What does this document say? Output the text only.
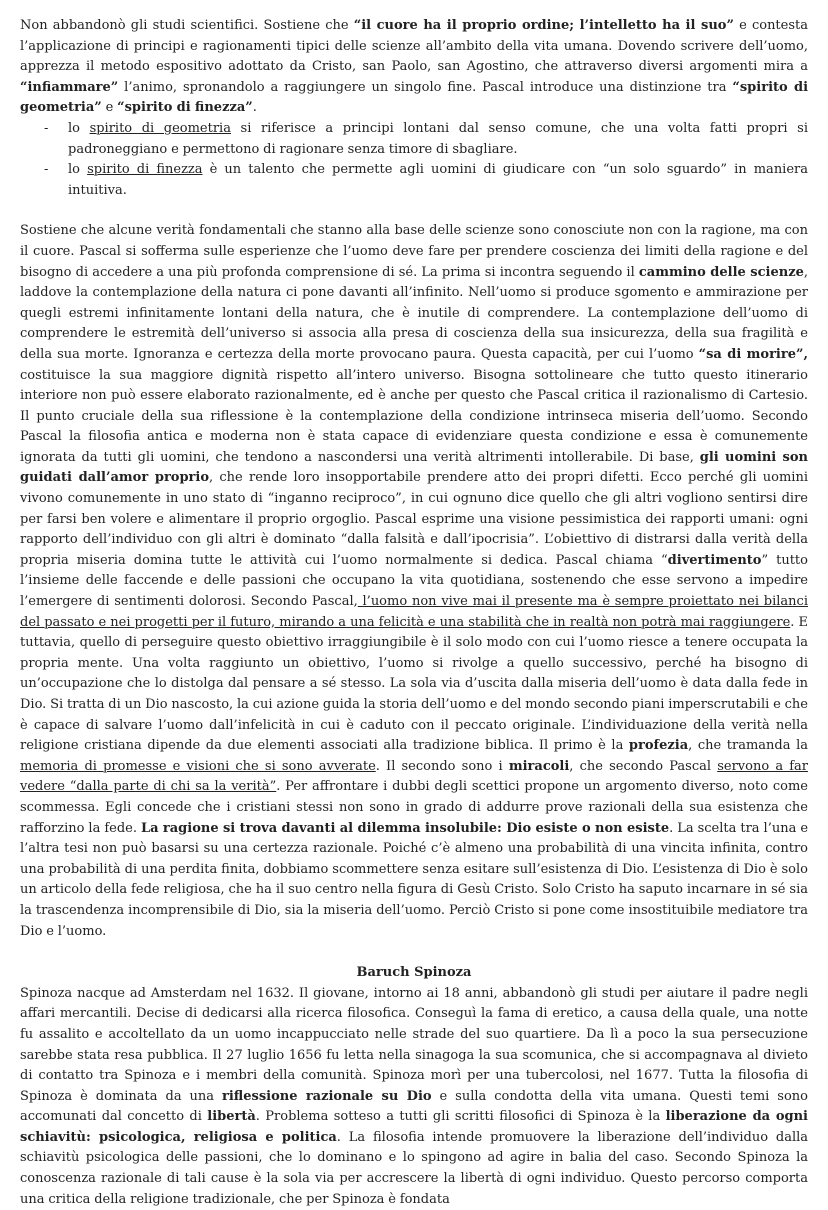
Non abbandonò gli studi scientifici. Sostiene che “il cuore ha il proprio ordine; l’intelletto ha il suo” e contesta l’applicazione di principi e ragionamenti tipici delle scienze all’ambito della vita umana. Dovendo scrivere dell’uomo, apprezza il metodo espositivo adottato da Cristo, san Paolo, san Agostino, che attraverso diversi argomenti mira a “infiammare” l’animo, spronandolo a raggiungere un singolo fine. Pascal introduce una distinzione tra “spirito di geometria” e “spirito di finezza”.

- lo spirito di geometria si riferisce a principi lontani dal senso comune, che una volta fatti propri si padroneggiano e permettono di ragionare senza timore di sbagliare.
- lo spirito di finezza è un talento che permette agli uomini di giudicare con “un solo sguardo” in maniera intuitiva.

Sostiene che alcune verità fondamentali che stanno alla base delle scienze sono conosciute non con la ragione, ma con il cuore. Pascal si sofferma sulle esperienze che l’uomo deve fare per prendere coscienza dei limiti della ragione e del bisogno di accedere a una più profonda comprensione di sé. La prima si incontra seguendo il cammino delle scienze, laddove la contemplazione della natura ci pone davanti all’infinito. Nell’uomo si produce sgomento e ammirazione per quegli estremi infinitamente lontani della natura, che è inutile di comprendere. La contemplazione dell’uomo di comprendere le estremità dell’universo si associa alla presa di coscienza della sua insicurezza, della sua fragilità e della sua morte. Ignoranza e certezza della morte provocano paura. Questa capacità, per cui l’uomo “sa di morire”, costituisce la sua maggiore dignità rispetto all’intero universo. Bisogna sottolineare che tutto questo itinerario interiore non può essere elaborato razionalmente, ed è anche per questo che Pascal critica il razionalismo di Cartesio. Il punto cruciale della sua riflessione è la contemplazione della condizione intrinseca miseria dell’uomo. Secondo Pascal la filosofia antica e moderna non è stata capace di evidenziare questa condizione e essa è comunemente ignorata da tutti gli uomini, che tendono a nascondersi una verità altrimenti intollerabile. Di base, gli uomini son guidati dall’amor proprio, che rende loro insopportabile prendere atto dei propri difetti. Ecco perché gli uomini vivono comunemente in uno stato di “inganno reciproco”, in cui ognuno dice quello che gli altri vogliono sentirsi dire per farsi ben volere e alimentare il proprio orgoglio. Pascal esprime una visione pessimistica dei rapporti umani: ogni rapporto dell’individuo con gli altri è dominato “dalla falsità e dall’ipocrisia”. L’obiettivo di distrarsi dalla verità della propria miseria domina tutte le attività cui l’uomo normalmente si dedica. Pascal chiama “divertimento” tutto l’insieme delle faccende e delle passioni che occupano la vita quotidiana, sostenendo che esse servono a impedire l’emergere di sentimenti dolorosi. Secondo Pascal, l’uomo non vive mai il presente ma è sempre proiettato nei bilanci del passato e nei progetti per il futuro, mirando a una felicità e una stabilità che in realtà non potrà mai raggiungere. E tuttavia, quello di perseguire questo obiettivo irraggiungibile è il solo modo con cui l’uomo riesce a tenere occupata la propria mente. Una volta raggiunto un obiettivo, l’uomo si rivolge a quello successivo, perché ha bisogno di un’occupazione che lo distolga dal pensare a sé stesso. La sola via d’uscita dalla miseria dell’uomo è data dalla fede in Dio. Si tratta di un Dio nascosto, la cui azione guida la storia dell’uomo e del mondo secondo piani imperscrutabili e che è capace di salvare l’uomo dall’infelicità in cui è caduto con il peccato originale. L’individuazione della verità nella religione cristiana dipende da due elementi associati alla tradizione biblica. Il primo è la profezia, che tramanda la memoria di promesse e visioni che si sono avverate. Il secondo sono i miracoli, che secondo Pascal servono a far vedere “dalla parte di chi sa la verità”. Per affrontare i dubbi degli scettici propone un argomento diverso, noto come scommessa. Egli concede che i cristiani stessi non sono in grado di addurre prove razionali della sua esistenza che rafforzino la fede. La ragione si trova davanti al dilemma insolubile: Dio esiste o non esiste. La scelta tra l’una e l’altra tesi non può basarsi su una certezza razionale. Poiché c’è almeno una probabilità di una vincita infinita, contro una probabilità di una perdita finita, dobbiamo scommettere senza esitare sull’esistenza di Dio. L’esistenza di Dio è solo un articolo della fede religiosa, che ha il suo centro nella figura di Gesù Cristo. Solo Cristo ha saputo incarnare in sé sia la trascendenza incomprensibile di Dio, sia la miseria dell’uomo. Perciò Cristo si pone come insostituibile mediatore tra Dio e l’uomo.

Baruch Spinoza

Spinoza nacque ad Amsterdam nel 1632. Il giovane, intorno ai 18 anni, abbandonò gli studi per aiutare il padre negli affari mercantili. Decise di dedicarsi alla ricerca filosofica. Conseguì la fama di eretico, a causa della quale, una notte fu assalito e accoltellato da un uomo incappucciato nelle strade del suo quartiere. Da lì a poco la sua persecuzione sarebbe stata resa pubblica. Il 27 luglio 1656 fu letta nella sinagoga la sua scomunica, che si accompagnava al divieto di contatto tra Spinoza e i membri della comunità. Spinoza morì per una tubercolosi, nel 1677. Tutta la filosofia di Spinoza è dominata da una riflessione razionale su Dio e sulla condotta della vita umana. Questi temi sono accomunati dal concetto di libertà. Problema sotteso a tutti gli scritti filosofici di Spinoza è la liberazione da ogni schiavitù: psicologica, religiosa e politica. La filosofia intende promuovere la liberazione dell’individuo dalla schiavitù psicologica delle passioni, che lo dominano e lo spingono ad agire in balia del caso. Secondo Spinoza la conoscenza razionale di tali cause è la sola via per accrescere la libertà di ogni individuo. Questo percorso comporta una critica della religione tradizionale, che per Spinoza è fondata
